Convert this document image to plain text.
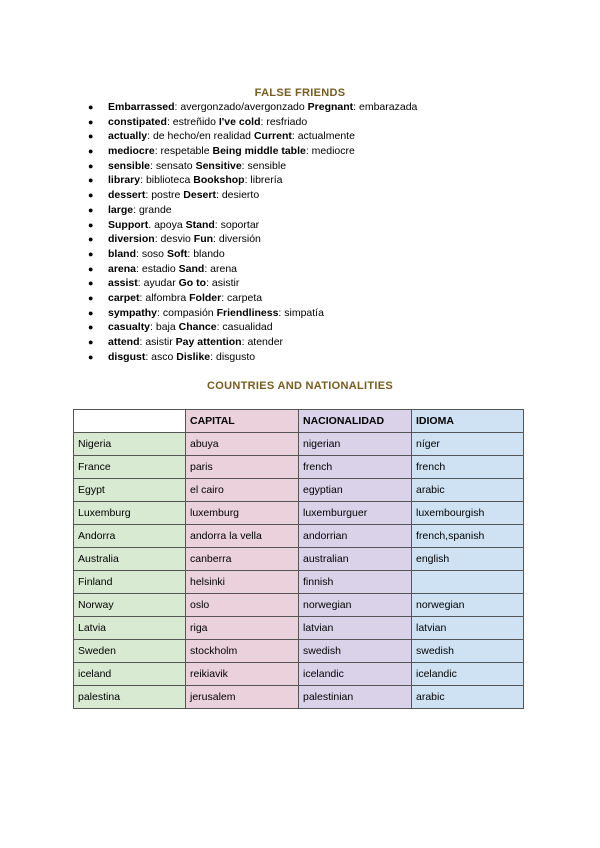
FALSE FRIENDS
● Embarrassed: avergonzado/avergonzado Pregnant: embarazada
● constipated: estreñido I've cold: resfriado
● actually: de hecho/en realidad Current: actualmente
● mediocre: respetable Being middle table: mediocre
● sensible: sensato Sensitive: sensible
● library: biblioteca Bookshop: librería
● dessert: postre Desert: desierto
● large: grande
● Support. apoya Stand: soportar
● diversion: desvio Fun: diversión
● bland: soso Soft: blando
● arena: estadio Sand: arena
● assist: ayudar Go to: asistir
● carpet: alfombra Folder: carpeta
● sympathy: compasión Friendliness: simpatía
● casualty: baja Chance: casualidad
● attend: asistir Pay attention: atender
● disgust: asco Dislike: disgusto
COUNTRIES AND NATIONALITIES
	CAPITAL	NACIONALIDAD	IDIOMA
Nigeria	abuya	nigerian	níger
France	paris	french	french
Egypt	el cairo	egyptian	arabic
Luxemburg	luxemburg	luxemburguer	luxembourgish
Andorra	andorra la vella	andorrian	french,spanish
Australia	canberra	australian	english
Finland	helsinki	finnish	
Norway	oslo	norwegian	norwegian
Latvia	riga	latvian	latvian
Sweden	stockholm	swedish	swedish
iceland	reikiavik	icelandic	icelandic
palestina	jerusalem	palestinian	arabic
